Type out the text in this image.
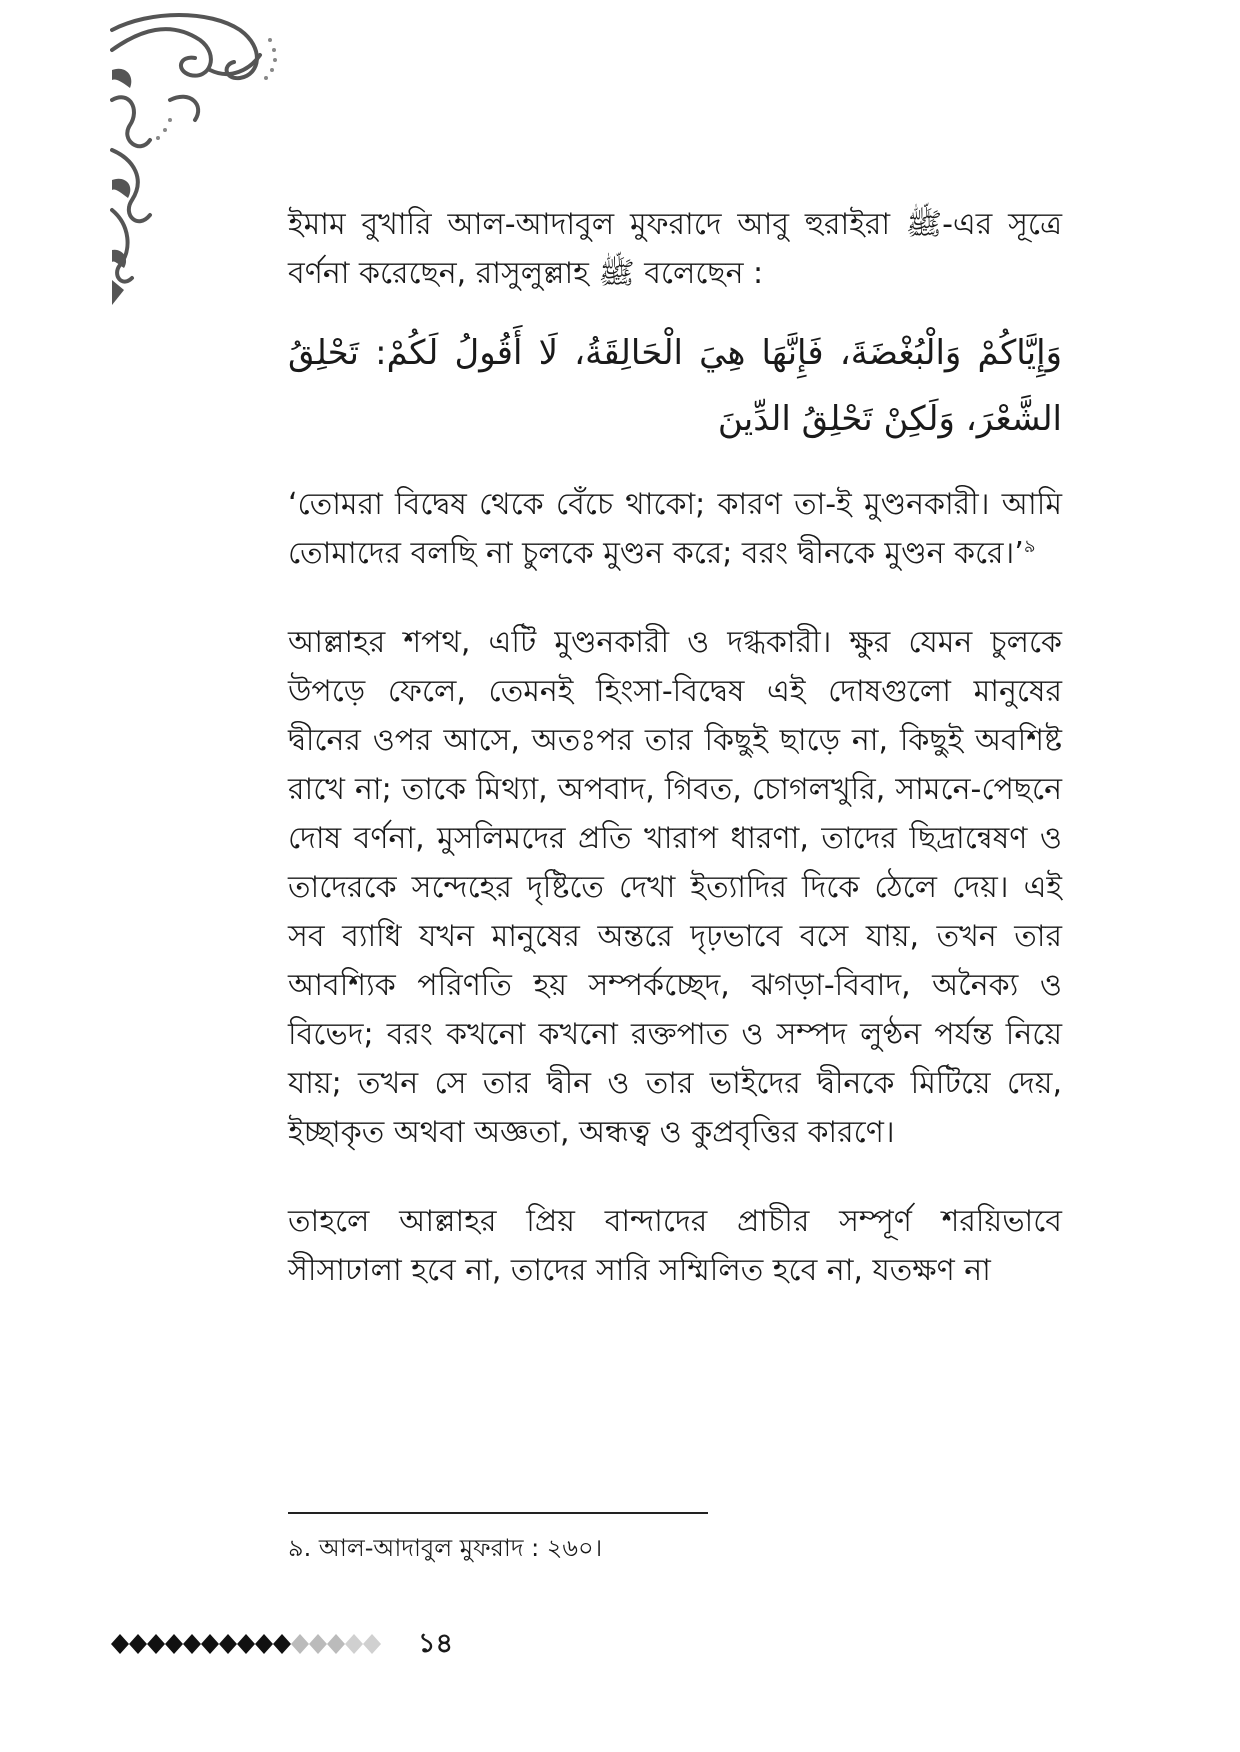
ইমাম বুখারি আল-আদাবুল মুফরাদে আবু হুরাইরা ﷺ-এর সূত্রে বর্ণনা করেছেন, রাসুলুল্লাহ ﷺ বলেছেন :

وَإِيَّاكُمْ وَالْبُغْضَةَ، فَإِنَّهَا هِيَ الْحَالِقَةُ، لَا أَقُولُ لَكُمْ: تَحْلِقُ الشَّعْرَ، وَلَكِنْ تَحْلِقُ الدِّينَ

‘তোমরা বিদ্বেষ থেকে বেঁচে থাকো; কারণ তা-ই মুণ্ডনকারী। আমি তোমাদের বলছি না চুলকে মুণ্ডন করে; বরং দ্বীনকে মুণ্ডন করে।’$^৯$

আল্লাহর শপথ, এটি মুণ্ডনকারী ও দগ্ধকারী। ক্ষুর যেমন চুলকে উপড়ে ফেলে, তেমনই হিংসা-বিদ্বেষ এই দোষগুলো মানুষের দ্বীনের ওপর আসে, অতঃপর তার কিছুই ছাড়ে না, কিছুই অবশিষ্ট রাখে না; তাকে মিথ্যা, অপবাদ, গিবত, চোগলখুরি, সামনে-পেছনে দোষ বর্ণনা, মুসলিমদের প্রতি খারাপ ধারণা, তাদের ছিদ্রান্বেষণ ও তাদেরকে সন্দেহের দৃষ্টিতে দেখা ইত্যাদির দিকে ঠেলে দেয়। এই সব ব্যাধি যখন মানুষের অন্তরে দৃঢ়ভাবে বসে যায়, তখন তার আবশ্যিক পরিণতি হয় সম্পর্কচ্ছেদ, ঝগড়া-বিবাদ, অনৈক্য ও বিভেদ; বরং কখনো কখনো রক্তপাত ও সম্পদ লুণ্ঠন পর্যন্ত নিয়ে যায়; তখন সে তার দ্বীন ও তার ভাইদের দ্বীনকে মিটিয়ে দেয়, ইচ্ছাকৃত অথবা অজ্ঞতা, অন্ধত্ব ও কুপ্রবৃত্তির কারণে।

তাহলে আল্লাহর প্রিয় বান্দাদের প্রাচীর সম্পূর্ণ শরয়িভাবে সীসাঢালা হবে না, তাদের সারি সম্মিলিত হবে না, যতক্ষণ না

৯. আল-আদাবুল মুফরাদ : ২৬০।
১৪
